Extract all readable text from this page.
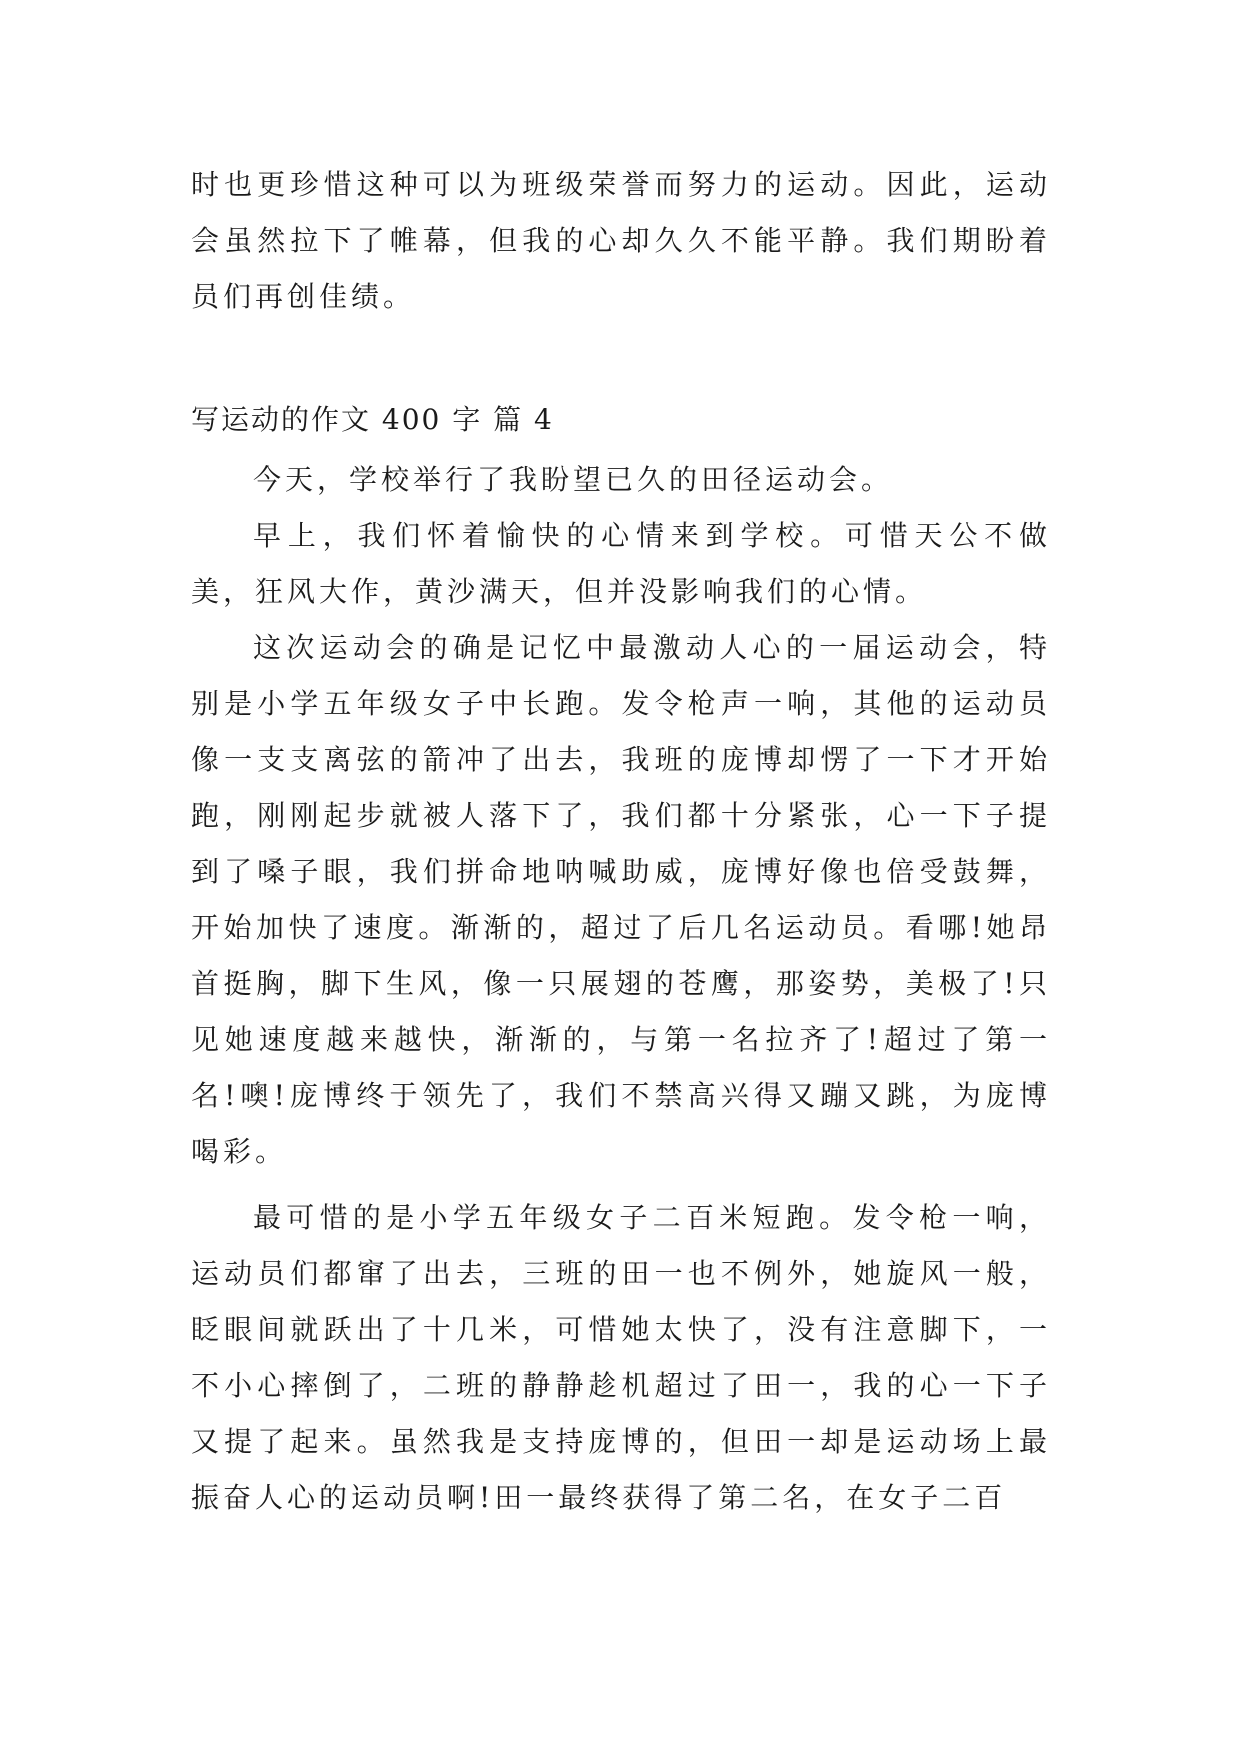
时也更珍惜这种可以为班级荣誉而努力的运动。因此，运动会虽然拉下了帷幕，但我的心却久久不能平静。我们期盼着员们再创佳绩。

写运动的作文 400 字 篇 4

今天，学校举行了我盼望已久的田径运动会。

早上，我们怀着愉快的心情来到学校。可惜天公不做美，狂风大作，黄沙满天，但并没影响我们的心情。

这次运动会的确是记忆中最激动人心的一届运动会，特别是小学五年级女子中长跑。发令枪声一响，其他的运动员像一支支离弦的箭冲了出去，我班的庞博却愣了一下才开始跑，刚刚起步就被人落下了，我们都十分紧张，心一下子提到了嗓子眼，我们拼命地呐喊助威，庞博好像也倍受鼓舞，开始加快了速度。渐渐的，超过了后几名运动员。看哪!她昂首挺胸，脚下生风，像一只展翅的苍鹰，那姿势，美极了!只见她速度越来越快，渐渐的，与第一名拉齐了!超过了第一名!噢!庞博终于领先了，我们不禁高兴得又蹦又跳，为庞博喝彩。

最可惜的是小学五年级女子二百米短跑。发令枪一响，运动员们都窜了出去，三班的田一也不例外，她旋风一般，眨眼间就跃出了十几米，可惜她太快了，没有注意脚下，一不小心摔倒了，二班的静静趁机超过了田一，我的心一下子又提了起来。虽然我是支持庞博的，但田一却是运动场上最振奋人心的运动员啊!田一最终获得了第二名，在女子二百
